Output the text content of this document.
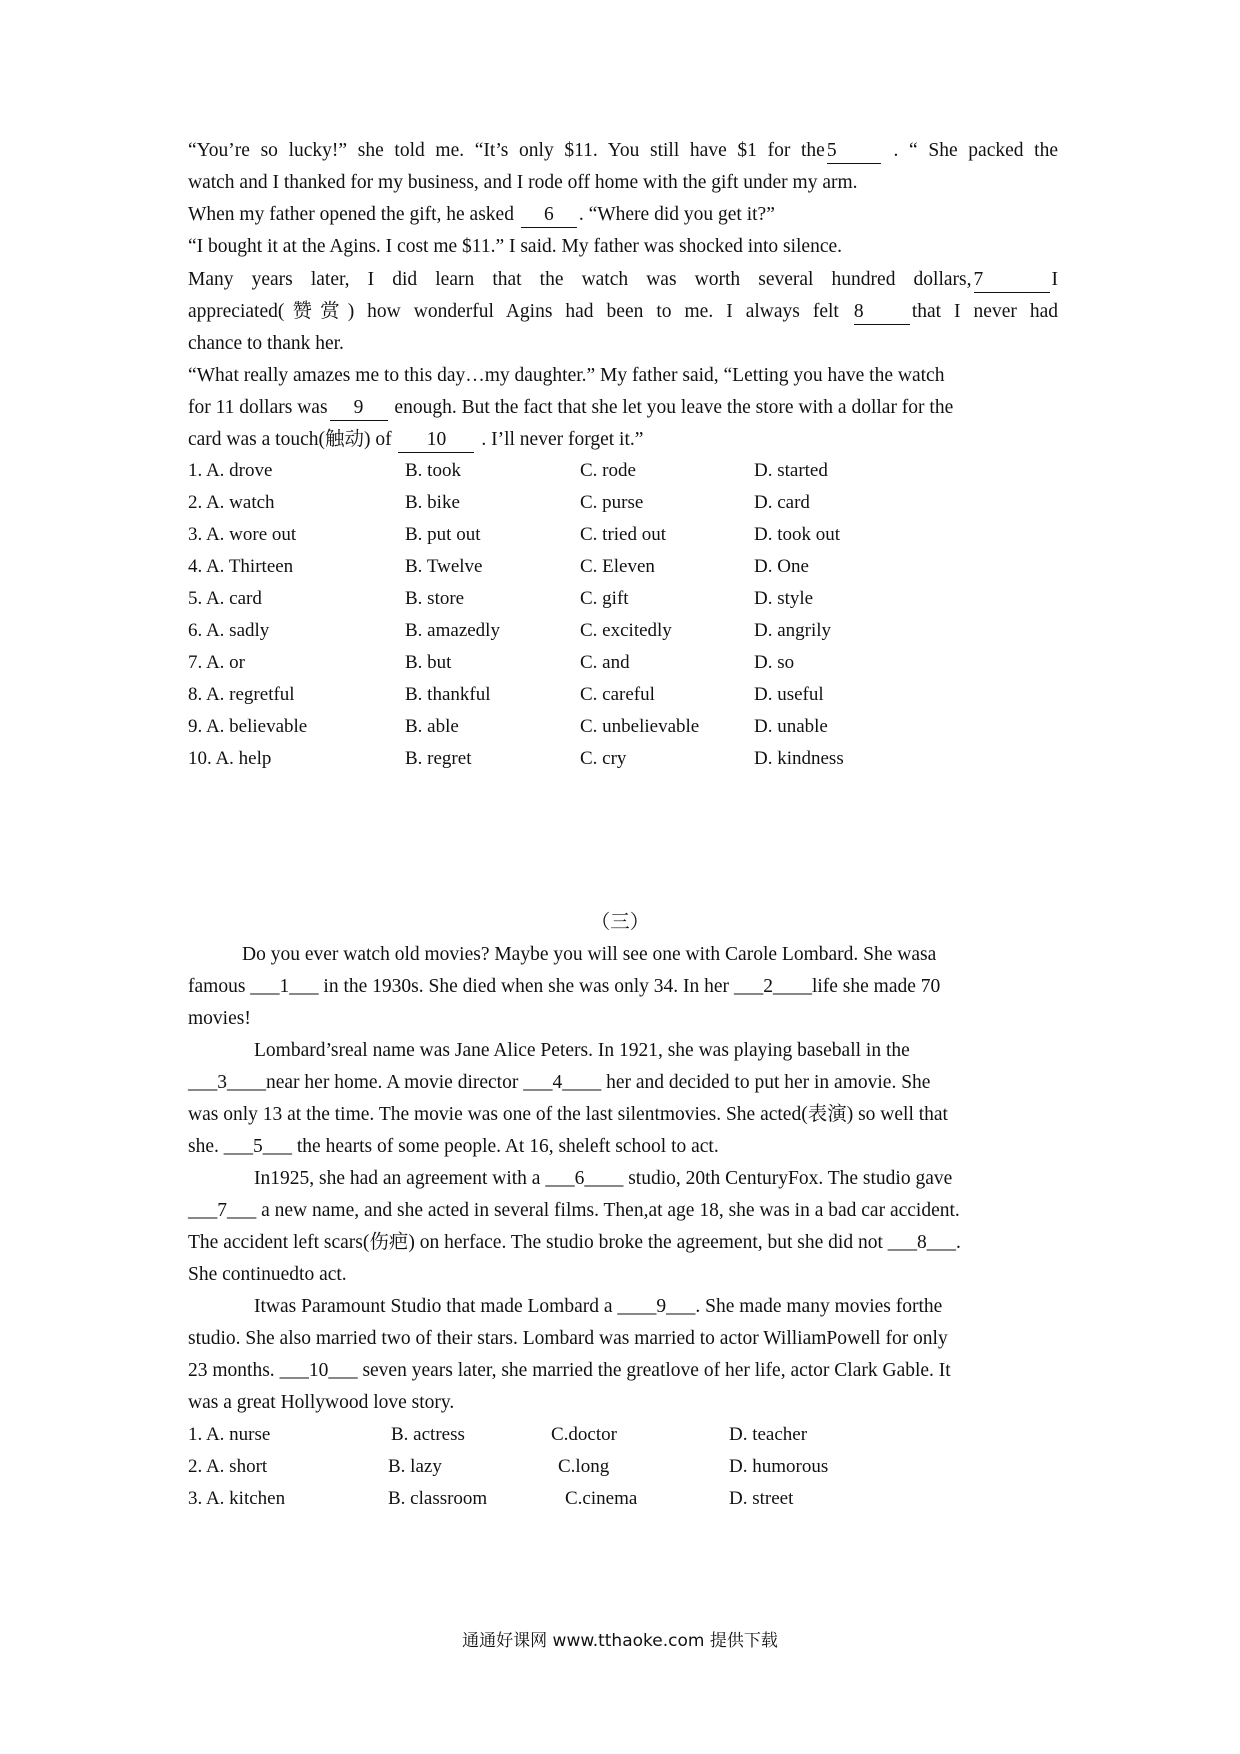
“You’re so lucky!” she told me. “It’s only $11. You still have $1 for the 5 . “ She packed the
watch and I thanked for my business, and I rode off home with the gift under my arm.
When my father opened the gift, he asked 6 . “Where did you get it?”
“I bought it at the Agins. I cost me $11.” I said. My father was shocked into silence.
Many years later, I did learn that the watch was worth several hundred dollars, 7	I
appreciated(赞赏) how wonderful Agins had been to me. I always felt 8 that I never had
chance to thank her.
“What really amazes me to this day…my daughter.” My father said, “Letting you have the watch
for 11 dollars was 9 enough. But the fact that she let you leave the store with a dollar for the
card was a touch(触动) of 10 . I’ll never forget it.”
1. A. drove	B. took	C. rode	D. started
2. A. watch	B. bike	C. purse	D. card
3. A. wore out	B. put out	C. tried out	D. took out
4. A. Thirteen	B. Twelve	C. Eleven	D. One
5. A. card	B. store	C. gift	D. style
6. A. sadly	B. amazedly	C. excitedly	D. angrily
7. A. or	B. but	C. and	D. so
8. A. regretful	B. thankful	C. careful	D. useful
9. A. believable	B. able	C. unbelievable	D. unable
10. A. help	B. regret	C. cry	D. kindness
（三）
Do you ever watch old movies? Maybe you will see one with Carole Lombard. She wasa
famous ___1___ in the 1930s. She died when she was only 34. In her ___2____life she made 70
movies!
Lombard’sreal name was Jane Alice Peters. In 1921, she was playing baseball in the
___3____near her home. A movie director ___4____ her and decided to put her in amovie. She
was only 13 at the time. The movie was one of the last silentmovies. She acted(表演) so well that
she. ___5___ the hearts of some people. At 16, sheleft school to act.
In1925, she had an agreement with a ___6____ studio, 20th CenturyFox. The studio gave
___7___ a new name, and she acted in several films. Then,at age 18, she was in a bad car accident.
The accident left scars(伤疤) on herface. The studio broke the agreement, but she did not ___8___.
She continuedto act.
Itwas Paramount Studio that made Lombard a ____9___. She made many movies forthe
studio. She also married two of their stars. Lombard was married to actor WilliamPowell for only
23 months. ___10___ seven years later, she married the greatlove of her life, actor Clark Gable. It
was a great Hollywood love story.
1. A. nurse	B. actress	C.doctor	D. teacher
2. A. short	B. lazy	C.long	D. humorous
3. A. kitchen	B. classroom	C.cinema	D. street
通通好课网 www.tthaoke.com 提供下载
